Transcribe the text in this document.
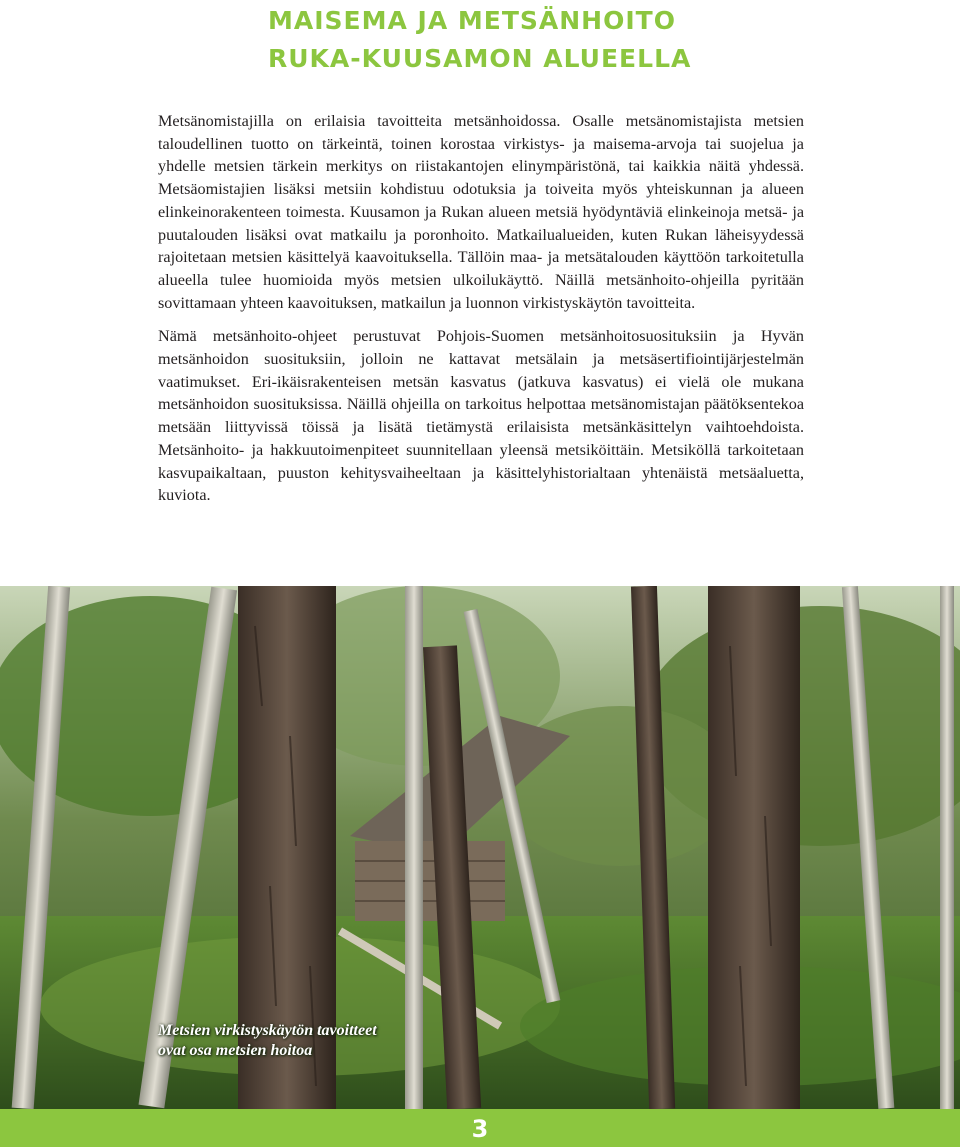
MAISEMA JA METSÄNHOITO
RUKA-KUUSAMON ALUEELLA

Metsänomistajilla on erilaisia tavoitteita metsänhoidossa. Osalle metsänomistajista metsien taloudellinen tuotto on tärkeintä, toinen korostaa virkistys- ja maisema-arvoja tai suojelua ja yhdelle metsien tärkein merkitys on riistakantojen elinympäristönä, tai kaikkia näitä yhdessä. Metsäomistajien lisäksi metsiin kohdistuu odotuksia ja toiveita myös yhteiskunnan ja alueen elinkeinorakenteen toimesta. Kuusamon ja Rukan alueen metsiä hyödyntäviä elinkeinoja metsä- ja puutalouden lisäksi ovat matkailu ja poronhoito. Matkailualueiden, kuten Rukan läheisyydessä rajoitetaan metsien käsittelyä kaavoituksella. Tällöin maa- ja metsätalouden käyttöön tarkoitetulla alueella tulee huomioida myös metsien ulkoilukäyttö. Näillä metsänhoito-ohjeilla pyritään sovittamaan yhteen kaavoituksen, matkailun ja luonnon virkistyskäytön tavoitteita.

Nämä metsänhoito-ohjeet perustuvat Pohjois-Suomen metsänhoitosuosituksiin ja Hyvän metsänhoidon suosituksiin, jolloin ne kattavat metsälain ja metsäsertifiointijärjestelmän vaatimukset. Eri-ikäisrakenteisen metsän kasvatus (jatkuva kasvatus) ei vielä ole mukana metsänhoidon suosituksissa. Näillä ohjeilla on tarkoitus helpottaa metsänomistajan päätöksentekoa metsään liittyvissä töissä ja lisätä tietämystä erilaisista metsänkäsittelyn vaihtoehdoista. Metsänhoito- ja hakkuutoimenpiteet suunnitellaan yleensä metsiköittäin. Metsiköllä tarkoitetaan kasvupaikaltaan, puuston kehitysvaiheeltaan ja käsittelyhistorialtaan yhtenäistä metsäaluetta, kuviota.

Metsien virkistyskäytön tavoitteet
ovat osa metsien hoitoa
3
